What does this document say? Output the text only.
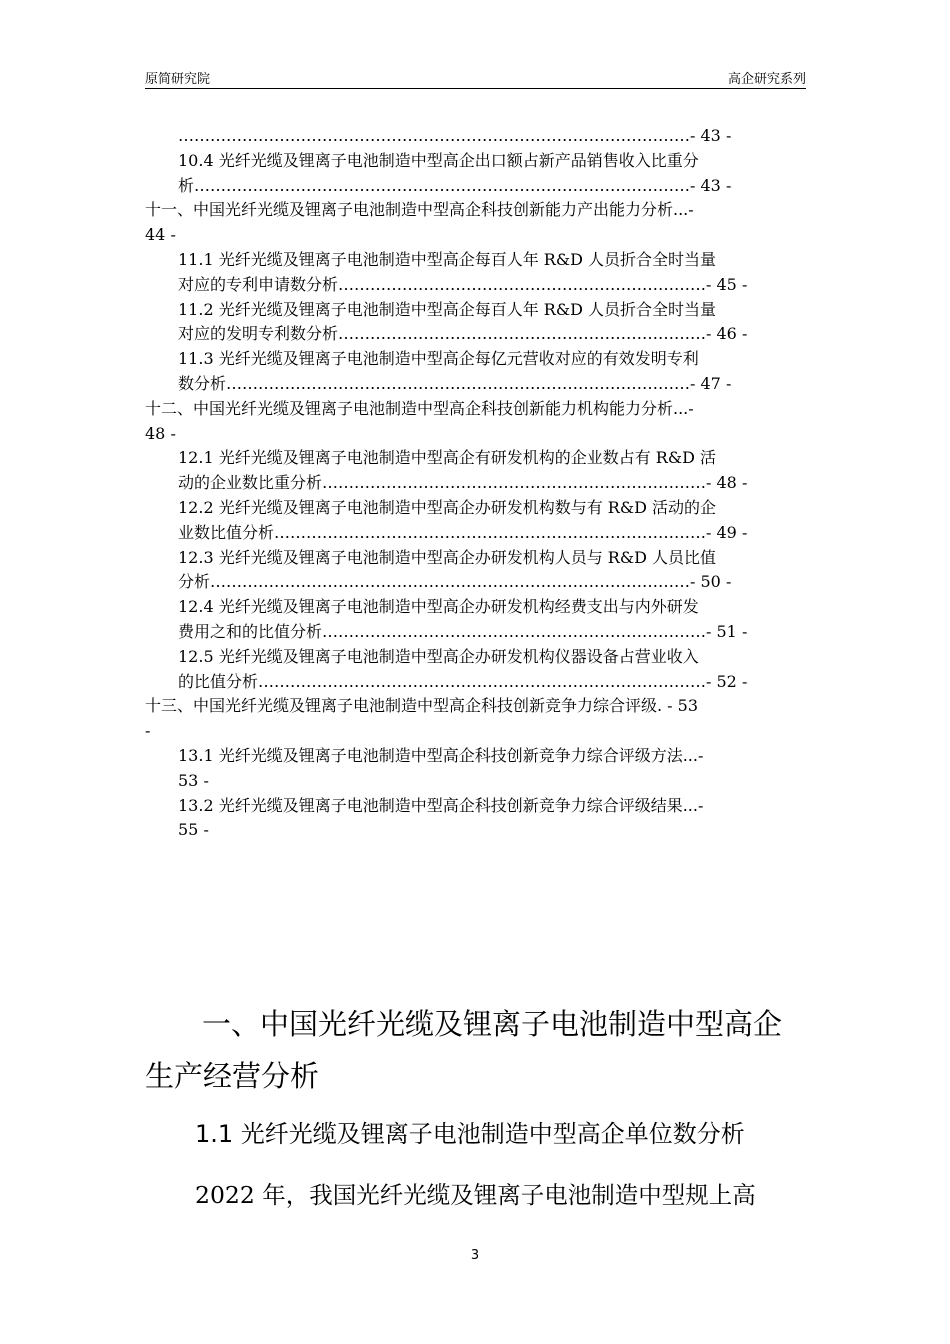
原简研究院	高企研究系列
……………………………………………………………………………………- 43 -
10.4 光纤光缆及锂离子电池制造中型高企出口额占新产品销售收入比重分
析…………………………………………………………………………………- 43 -
十一、中国光纤光缆及锂离子电池制造中型高企科技创新能力产出能力分析...-
44 -
11.1 光纤光缆及锂离子电池制造中型高企每百人年 R&D 人员折合全时当量
对应的专利申请数分析……………………………………………………………- 45 -
11.2 光纤光缆及锂离子电池制造中型高企每百人年 R&D 人员折合全时当量
对应的发明专利数分析……………………………………………………………- 46 -
11.3 光纤光缆及锂离子电池制造中型高企每亿元营收对应的有效发明专利
数分析……………………………………………………………………………- 47 -
十二、中国光纤光缆及锂离子电池制造中型高企科技创新能力机构能力分析...-
48 -
12.1 光纤光缆及锂离子电池制造中型高企有研发机构的企业数占有 R&D 活
动的企业数比重分析………………………………………………………………- 48 -
12.2 光纤光缆及锂离子电池制造中型高企办研发机构数与有 R&D 活动的企
业数比值分析………………………………………………………………………- 49 -
12.3 光纤光缆及锂离子电池制造中型高企办研发机构人员与 R&D 人员比值
分析………………………………………………………………………………- 50 -
12.4 光纤光缆及锂离子电池制造中型高企办研发机构经费支出与内外研发
费用之和的比值分析………………………………………………………………- 51 -
12.5 光纤光缆及锂离子电池制造中型高企办研发机构仪器设备占营业收入
的比值分析…………………………………………………………………………- 52 -
十三、中国光纤光缆及锂离子电池制造中型高企科技创新竞争力综合评级. - 53
-
13.1 光纤光缆及锂离子电池制造中型高企科技创新竞争力综合评级方法...-
53 -
13.2 光纤光缆及锂离子电池制造中型高企科技创新竞争力综合评级结果...-
55 -
一、中国光纤光缆及锂离子电池制造中型高企生产经营分析
1.1 光纤光缆及锂离子电池制造中型高企单位数分析
2022 年，我国光纤光缆及锂离子电池制造中型规上高
3
